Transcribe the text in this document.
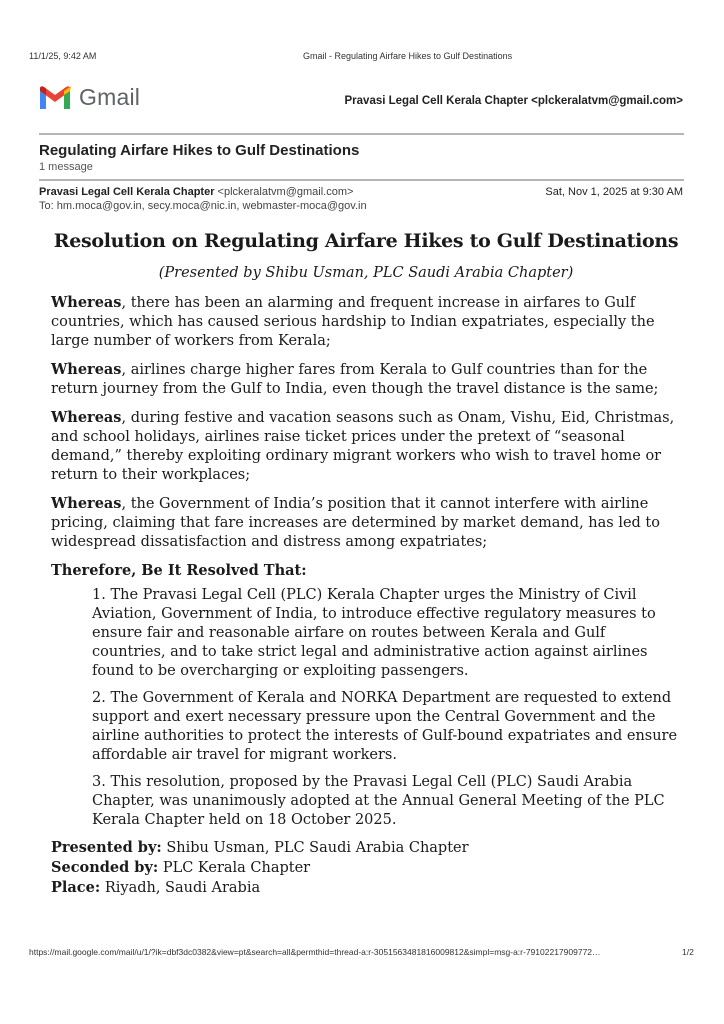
11/1/25, 9:42 AM	Gmail - Regulating Airfare Hikes to Gulf Destinations
Gmail	Pravasi Legal Cell Kerala Chapter <plckeralatvm@gmail.com>
Regulating Airfare Hikes to Gulf Destinations
1 message
Pravasi Legal Cell Kerala Chapter <plckeralatvm@gmail.com>	Sat, Nov 1, 2025 at 9:30 AM
To: hm.moca@gov.in, secy.moca@nic.in, webmaster-moca@gov.in
Resolution on Regulating Airfare Hikes to Gulf Destinations
(Presented by Shibu Usman, PLC Saudi Arabia Chapter)

Whereas, there has been an alarming and frequent increase in airfares to Gulf countries, which has caused serious hardship to Indian expatriates, especially the large number of workers from Kerala;

Whereas, airlines charge higher fares from Kerala to Gulf countries than for the return journey from the Gulf to India, even though the travel distance is the same;

Whereas, during festive and vacation seasons such as Onam, Vishu, Eid, Christmas, and school holidays, airlines raise ticket prices under the pretext of “seasonal demand,” thereby exploiting ordinary migrant workers who wish to travel home or return to their workplaces;

Whereas, the Government of India’s position that it cannot interfere with airline pricing, claiming that fare increases are determined by market demand, has led to widespread dissatisfaction and distress among expatriates;

Therefore, Be It Resolved That:

1. The Pravasi Legal Cell (PLC) Kerala Chapter urges the Ministry of Civil Aviation, Government of India, to introduce effective regulatory measures to ensure fair and reasonable airfare on routes between Kerala and Gulf countries, and to take strict legal and administrative action against airlines found to be overcharging or exploiting passengers.

2. The Government of Kerala and NORKA Department are requested to extend support and exert necessary pressure upon the Central Government and the airline authorities to protect the interests of Gulf-bound expatriates and ensure affordable air travel for migrant workers.

3. This resolution, proposed by the Pravasi Legal Cell (PLC) Saudi Arabia Chapter, was unanimously adopted at the Annual General Meeting of the PLC Kerala Chapter held on 18 October 2025.

Presented by: Shibu Usman, PLC Saudi Arabia Chapter

Seconded by: PLC Kerala Chapter

Place: Riyadh, Saudi Arabia

https://mail.google.com/mail/u/1/?ik=dbf3dc0382&view=pt&search=all&permthid=thread-a:r-3051563481816009812&simpl=msg-a:r-79102217909772…	1/2
